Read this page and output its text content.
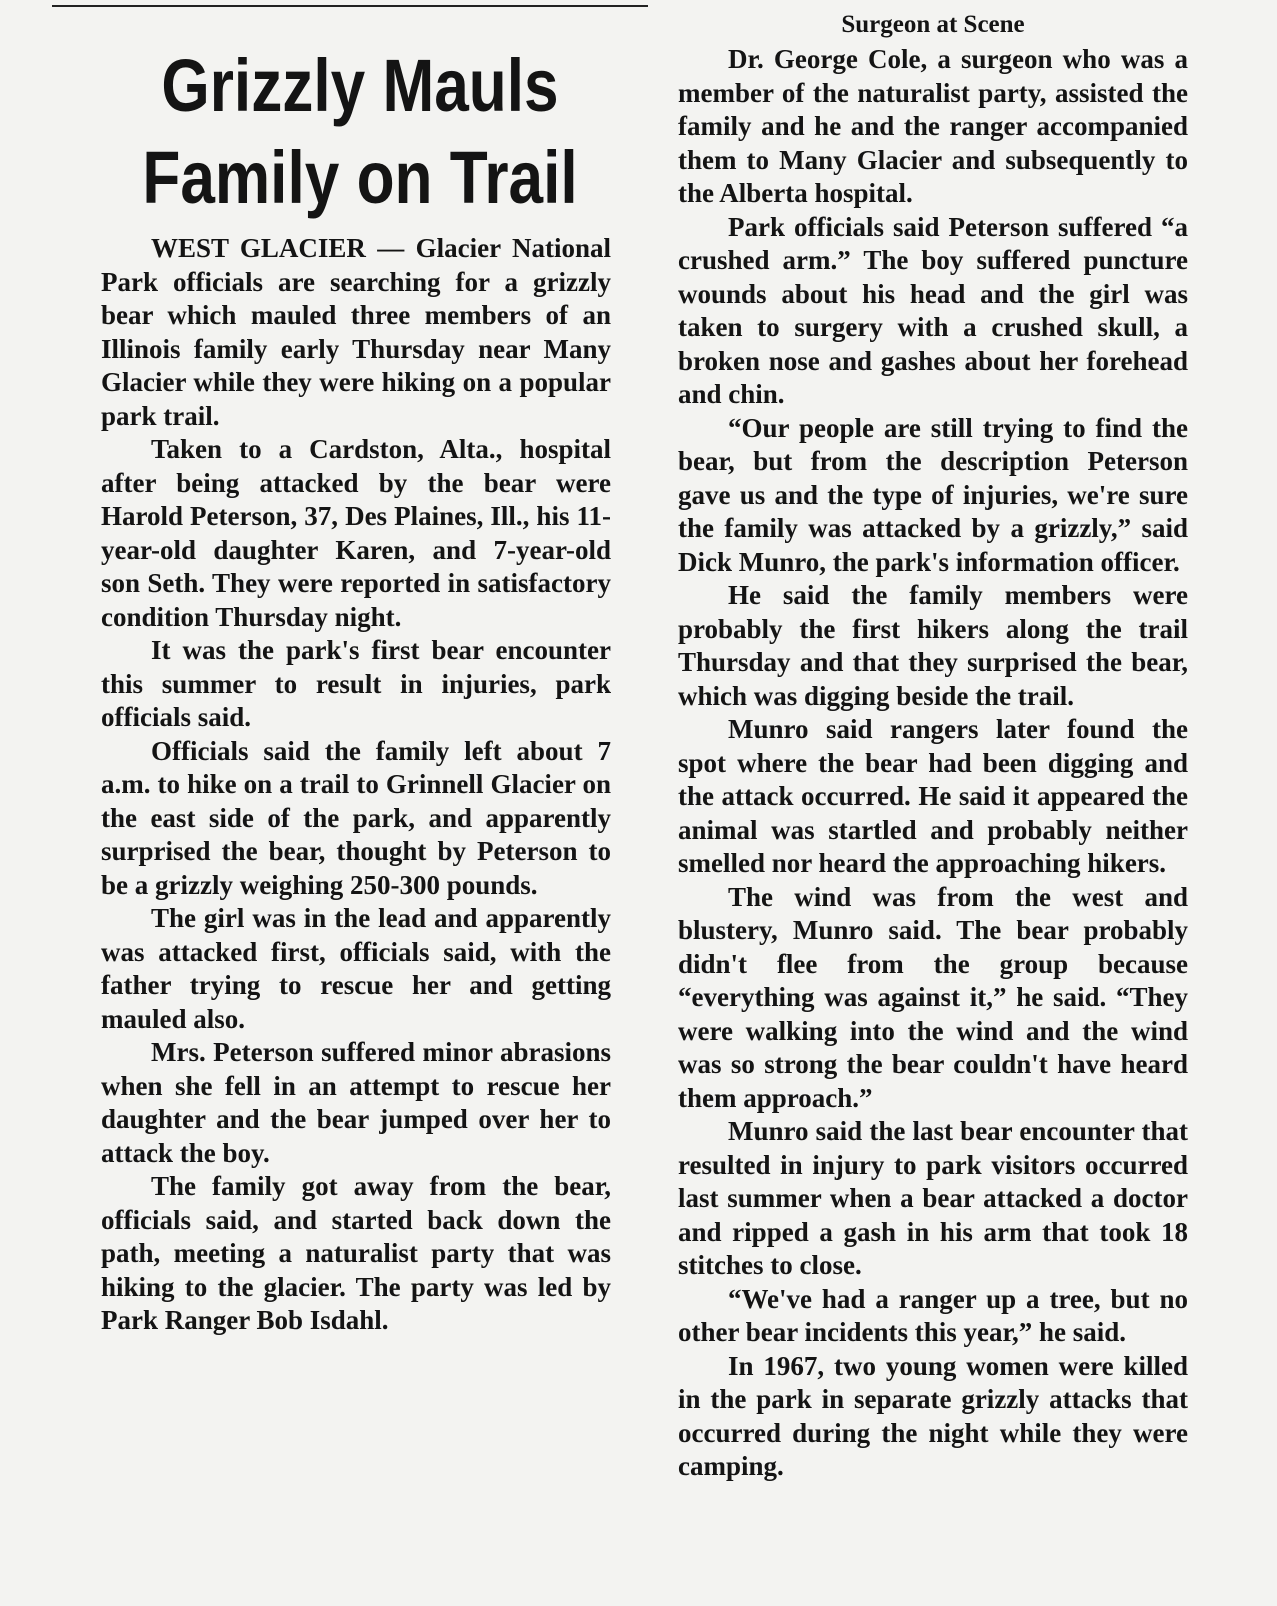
Grizzly Mauls
Family on Trail

WEST GLACIER — Glacier National Park officials are searching for a grizzly bear which mauled three members of an Illinois family early Thursday near Many Glacier while they were hiking on a popular park trail.

Taken to a Cardston, Alta., hospital after being attacked by the bear were Harold Peterson, 37, Des Plaines, Ill., his 11-year-old daughter Karen, and 7-year-old son Seth. They were reported in satisfactory condition Thursday night.

It was the park's first bear encounter this summer to result in injuries, park officials said.

Officials said the family left about 7 a.m. to hike on a trail to Grinnell Glacier on the east side of the park, and apparently surprised the bear, thought by Peterson to be a grizzly weighing 250-300 pounds.

The girl was in the lead and apparently was attacked first, officials said, with the father trying to rescue her and getting mauled also.

Mrs. Peterson suffered minor abrasions when she fell in an attempt to rescue her daughter and the bear jumped over her to attack the boy.

The family got away from the bear, officials said, and started back down the path, meeting a naturalist party that was hiking to the glacier. The party was led by Park Ranger Bob Isdahl.

Surgeon at Scene

Dr. George Cole, a surgeon who was a member of the naturalist party, assisted the family and he and the ranger accompanied them to Many Glacier and subsequently to the Alberta hospital.

Park officials said Peterson suffered “a crushed arm.” The boy suffered puncture wounds about his head and the girl was taken to surgery with a crushed skull, a broken nose and gashes about her forehead and chin.

“Our people are still trying to find the bear, but from the description Peterson gave us and the type of injuries, we're sure the family was attacked by a grizzly,” said Dick Munro, the park's information officer.

He said the family members were probably the first hikers along the trail Thursday and that they surprised the bear, which was digging beside the trail.

Munro said rangers later found the spot where the bear had been digging and the attack occurred. He said it appeared the animal was startled and probably neither smelled nor heard the approaching hikers.

The wind was from the west and blustery, Munro said. The bear probably didn't flee from the group because “everything was against it,” he said. “They were walking into the wind and the wind was so strong the bear couldn't have heard them approach.”

Munro said the last bear encounter that resulted in injury to park visitors occurred last summer when a bear attacked a doctor and ripped a gash in his arm that took 18 stitches to close.

“We've had a ranger up a tree, but no other bear incidents this year,” he said.

In 1967, two young women were killed in the park in separate grizzly attacks that occurred during the night while they were camping.
